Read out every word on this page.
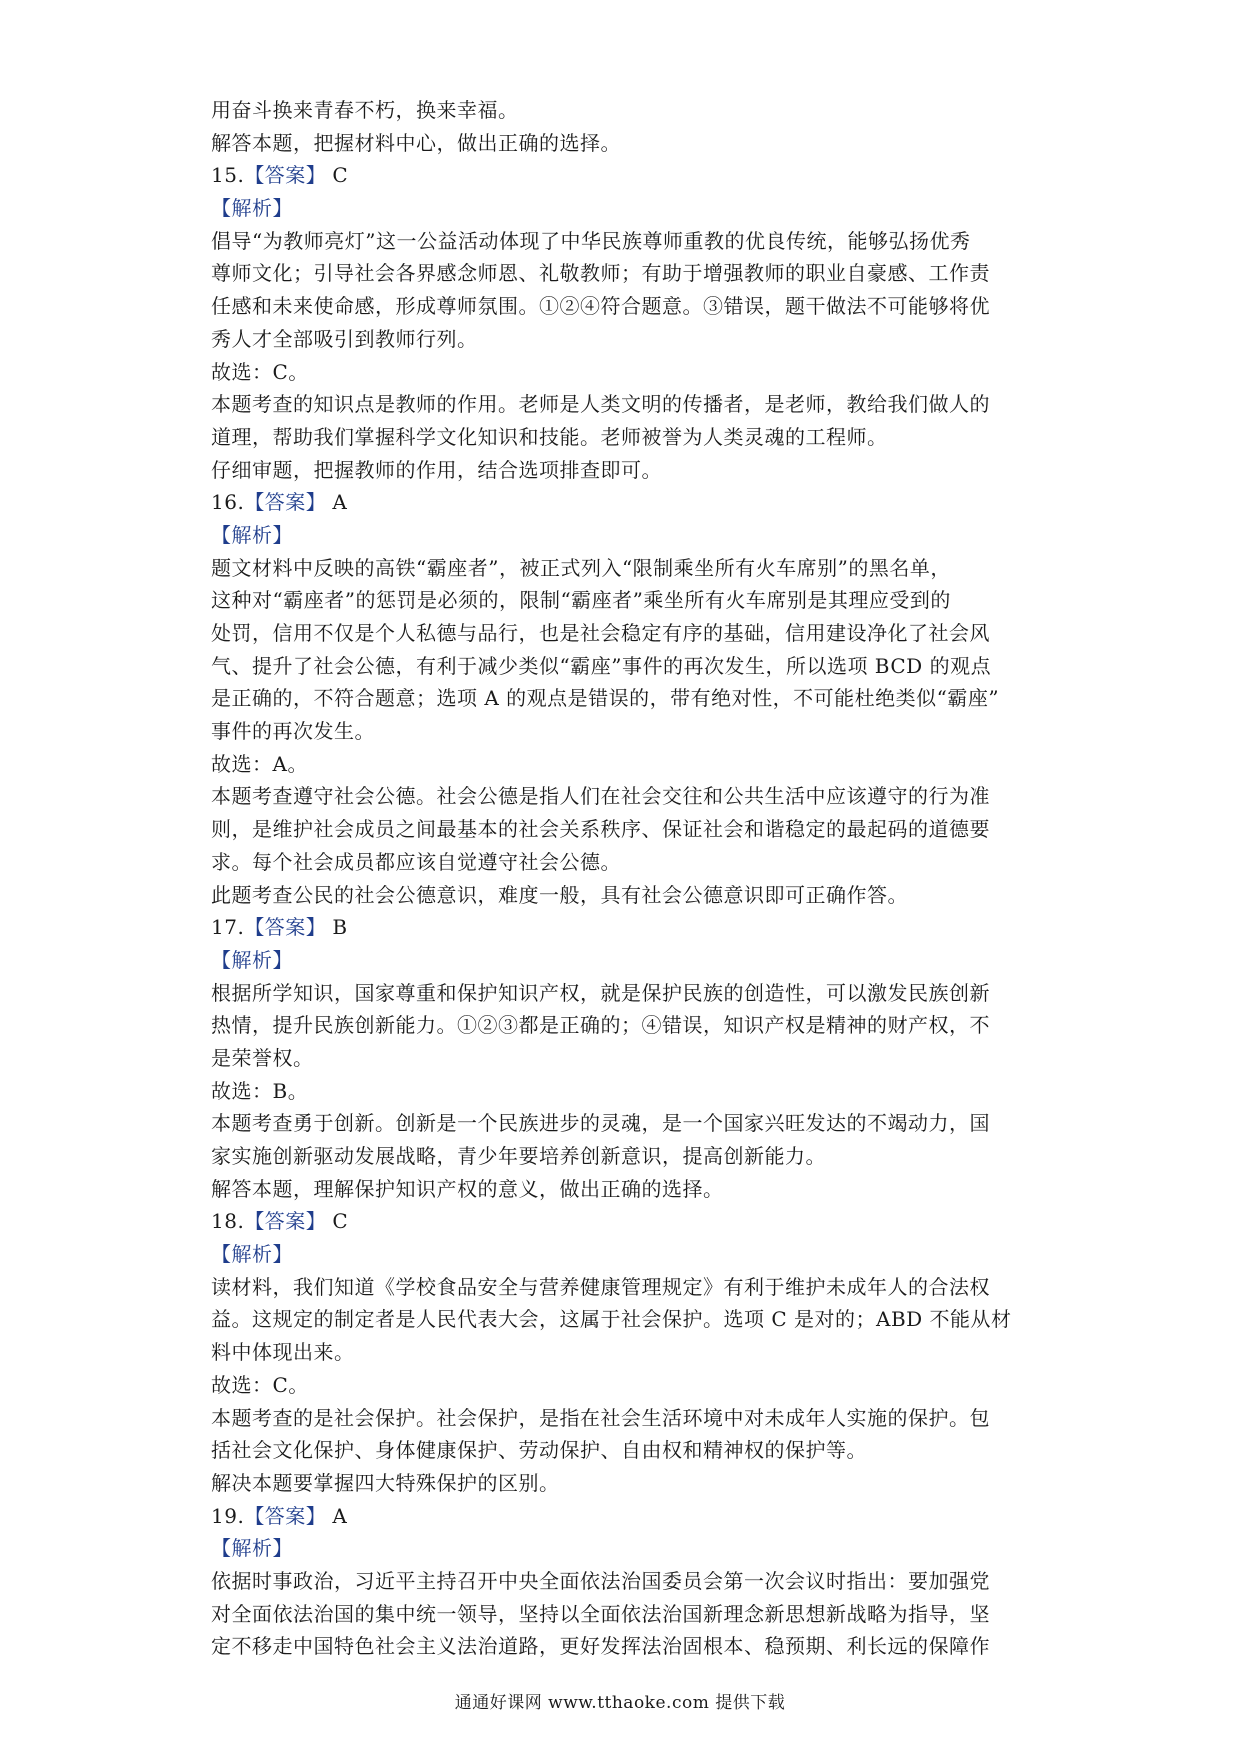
用奋斗换来青春不朽，换来幸福。
解答本题，把握材料中心，做出正确的选择。
15.【答案】 C
【解析】
倡导“为教师亮灯”这一公益活动体现了中华民族尊师重教的优良传统，能够弘扬优秀
尊师文化；引导社会各界感念师恩、礼敬教师；有助于增强教师的职业自豪感、工作责
任感和未来使命感，形成尊师氛围。①②④符合题意。③错误，题干做法不可能够将优
秀人才全部吸引到教师行列。
故选：C。
本题考查的知识点是教师的作用。老师是人类文明的传播者，是老师，教给我们做人的
道理，帮助我们掌握科学文化知识和技能。老师被誉为人类灵魂的工程师。
仔细审题，把握教师的作用，结合选项排查即可。
16.【答案】 A
【解析】
题文材料中反映的高铁“霸座者”，被正式列入“限制乘坐所有火车席别”的黑名单，
这种对“霸座者”的惩罚是必须的，限制“霸座者”乘坐所有火车席别是其理应受到的
处罚，信用不仅是个人私德与品行，也是社会稳定有序的基础，信用建设净化了社会风
气、提升了社会公德，有利于减少类似“霸座”事件的再次发生，所以选项 BCD 的观点
是正确的，不符合题意；选项 A 的观点是错误的，带有绝对性，不可能杜绝类似“霸座”
事件的再次发生。
故选：A。
本题考查遵守社会公德。社会公德是指人们在社会交往和公共生活中应该遵守的行为准
则，是维护社会成员之间最基本的社会关系秩序、保证社会和谐稳定的最起码的道德要
求。每个社会成员都应该自觉遵守社会公德。
此题考查公民的社会公德意识，难度一般，具有社会公德意识即可正确作答。
17.【答案】 B
【解析】
根据所学知识，国家尊重和保护知识产权，就是保护民族的创造性，可以激发民族创新
热情，提升民族创新能力。①②③都是正确的；④错误，知识产权是精神的财产权，不
是荣誉权。
故选：B。
本题考查勇于创新。创新是一个民族进步的灵魂，是一个国家兴旺发达的不竭动力，国
家实施创新驱动发展战略，青少年要培养创新意识，提高创新能力。
解答本题，理解保护知识产权的意义，做出正确的选择。
18.【答案】 C
【解析】
读材料，我们知道《学校食品安全与营养健康管理规定》有利于维护未成年人的合法权
益。这规定的制定者是人民代表大会，这属于社会保护。选项 C 是对的；ABD 不能从材
料中体现出来。
故选：C。
本题考查的是社会保护。社会保护，是指在社会生活环境中对未成年人实施的保护。包
括社会文化保护、身体健康保护、劳动保护、自由权和精神权的保护等。
解决本题要掌握四大特殊保护的区别。
19.【答案】 A
【解析】
依据时事政治，习近平主持召开中央全面依法治国委员会第一次会议时指出：要加强党
对全面依法治国的集中统一领导，坚持以全面依法治国新理念新思想新战略为指导，坚
定不移走中国特色社会主义法治道路，更好发挥法治固根本、稳预期、利长远的保障作
通通好课网 www.tthaoke.com 提供下载
